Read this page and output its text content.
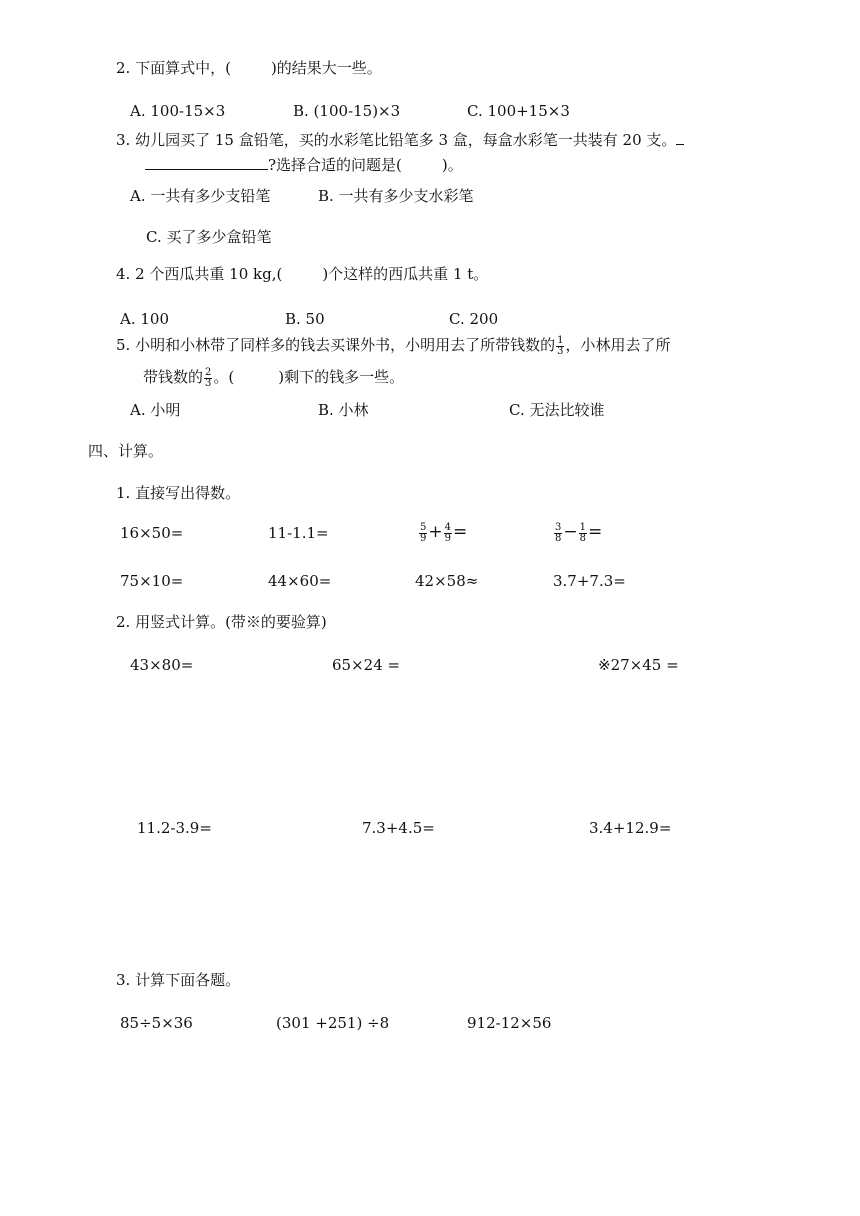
2. 下面算式中，(	)的结果大一些。
A. 100-15×3	B. (100-15)×3	C. 100+15×3
3. 幼儿园买了 15 盒铅笔，买的水彩笔比铅笔多 3 盒，每盒水彩笔一共装有 20 支。
?选择合适的问题是(	)。
A. 一共有多少支铅笔	B. 一共有多少支水彩笔
C. 买了多少盒铅笔
4. 2 个西瓜共重 10 kg,(	)个这样的西瓜共重 1 t。
A. 100	B. 50	C. 200
5. 小明和小林带了同样多的钱去买课外书，小明用去了所带钱数的 $\frac{1}{3}$ ，小林用去了所
带钱数的 $\frac{2}{3}$ 。(	)剩下的钱多一些。
A. 小明	B. 小林	C. 无法比较谁
四、计算。
1. 直接写出得数。
16×50=	11-1.1=	$\frac{5}{9} + \frac{4}{9}$ =	$\frac{3}{8} - \frac{1}{8}$ =
75×10=	44×60=	42×58≈	3.7+7.3=
2. 用竖式计算。(带※的要验算)
43×80=	65×24 =	※27×45 =
11.2-3.9=	7.3+4.5=	3.4+12.9=
3. 计算下面各题。
85÷5×36	(301 +251) ÷8	912-12×56
